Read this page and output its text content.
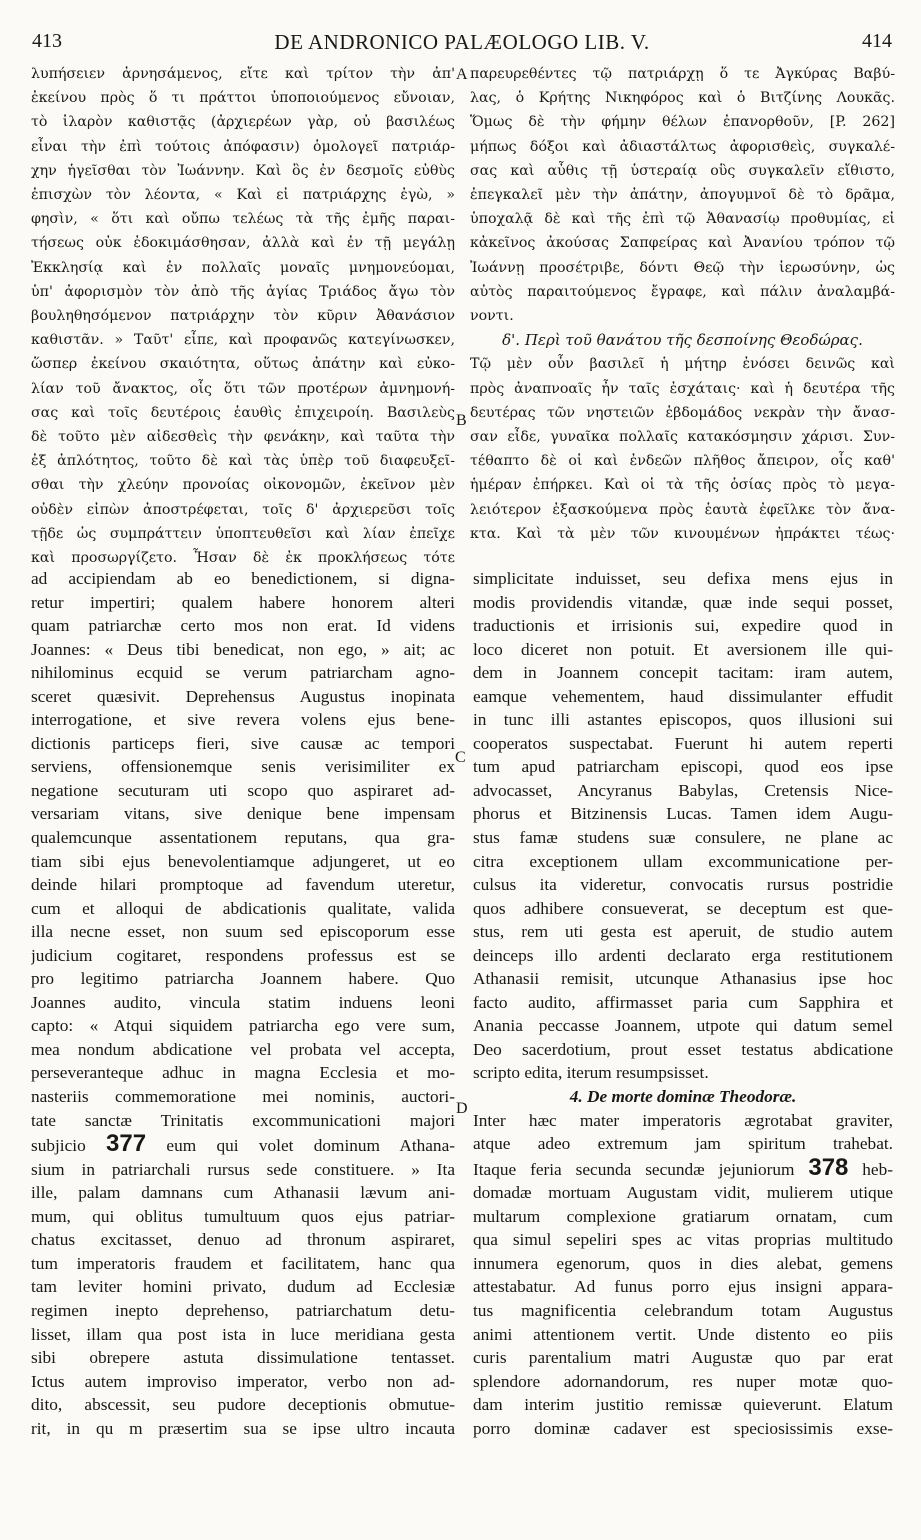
413	DE ANDRONICO PALÆOLOGO LIB. V.	414
λυπήσειεν ἀρνησάμενος, εἴτε καὶ τρίτον τὴν ἀπ'
ἐκείνου πρὸς ὅ τι πράττοι ὑποποιούμενος εὔνοιαν,
τὸ ἱλαρὸν καθιστᾷς (ἀρχιερέων γὰρ, οὐ βασιλέως
εἶναι τὴν ἐπὶ τούτοις ἀπόφασιν) ὁμολογεῖ πατριάρ-
χην ἡγεῖσθαι τὸν Ἰωάννην. Καὶ ὃς ἐν δεσμοῖς εὐθὺς
ἐπισχὼν τὸν λέοντα, « Καὶ εἰ πατριάρχης ἐγὼ, »
φησὶν, « ὅτι καὶ οὔπω τελέως τὰ τῆς ἐμῆς παραι-
τήσεως οὐκ ἐδοκιμάσθησαν, ἀλλὰ καὶ ἐν τῇ μεγάλῃ
Ἐκκλησίᾳ καὶ ἐν πολλαῖς μοναῖς μνημονεύομαι,
ὑπ' ἀφορισμὸν τὸν ἀπὸ τῆς ἁγίας Τριάδος ἄγω τὸν
βουληθησόμενον πατριάρχην τὸν κῦριν Ἀθανάσιον
καθιστᾶν. » Ταῦτ' εἶπε, καὶ προφανῶς κατεγίνωσκεν,
ὥσπερ ἐκείνου σκαιότητα, οὕτως ἀπάτην καὶ εὐκο-
λίαν τοῦ ἄνακτος, οἷς ὅτι τῶν προτέρων ἀμνημονή-
σας καὶ τοῖς δευτέροις ἑαυθὶς ἐπιχειροίη. Βασιλεὺς
δὲ τοῦτο μὲν αἰδεσθεὶς τὴν φενάκην, καὶ ταῦτα τὴν
ἐξ ἀπλότητος, τοῦτο δὲ καὶ τὰς ὑπὲρ τοῦ διαφευξεῖ-
σθαι τὴν χλεύην προνοίας οἰκονομῶν, ἐκεῖνον μὲν
οὐδὲν εἰπὼν ἀποστρέφεται, τοῖς δ' ἀρχιερεῦσι τοῖς
τῇδε ὡς συμπράττειν ὑποπτευθεῖσι καὶ λίαν ἐπεῖχε
καὶ προσωργίζετο. Ἦσαν δὲ ἐκ προκλήσεως τότε
παρευρεθέντες τῷ πατριάρχῃ ὅ τε Ἀγκύρας Βαβύ-
λας, ὁ Κρήτης Νικηφόρος καὶ ὁ Βιτζίνης Λουκᾶς.
Ὅμως δὲ τὴν φήμην θέλων ἐπανορθοῦν, [P. 262]
μήπως δόξοι καὶ ἀδιαστάλτως ἀφορισθεὶς, συγκαλέ-
σας καὶ αὖθις τῇ ὑστεραίᾳ οὓς συγκαλεῖν εἴθιστο,
ἐπεγκαλεῖ μὲν τὴν ἀπάτην, ἀπογυμνοῖ δὲ τὸ δρᾶμα,
ὑποχαλᾷ δὲ καὶ τῆς ἐπὶ τῷ Ἀθανασίῳ προθυμίας, εἰ
κἀκεῖνος ἀκούσας Σαπφείρας καὶ Ἀνανίου τρόπον τῷ
Ἰωάννῃ προσέτριβε, δόντι Θεῷ τὴν ἱερωσύνην, ὡς
αὐτὸς παραιτούμενος ἔγραφε, καὶ πάλιν ἀναλαμβά-
νοντι.
δ'. Περὶ τοῦ θανάτου τῆς δεσποίνης Θεοδώρας.
Τῷ μὲν οὖν βασιλεῖ ἡ μήτηρ ἐνόσει δεινῶς καὶ
πρὸς ἀναπνοαῖς ἦν ταῖς ἐσχάταις· καὶ ἡ δευτέρα τῆς
δευτέρας τῶν νηστειῶν ἑβδομάδος νεκρὰν τὴν ἄνασ-
σαν εἶδε, γυναῖκα πολλαῖς κατακόσμησιν χάρισι. Συν-
τέθαπτο δὲ οἱ καὶ ἐνδεῶν πλῆθος ἄπειρον, οἷς καθ'
ἡμέραν ἐπήρκει. Καὶ οἱ τὰ τῆς ὁσίας πρὸς τὸ μεγα-
λειότερον ἐξασκούμενα πρὸς ἑαυτὰ ἐφεῖλκε τὸν ἄνα-
κτα. Καὶ τὰ μὲν τῶν κινουμένων ἠπράκτει τέως·
ad accipiendam ab eo benedictionem, si digna-
retur impertiri; qualem habere honorem alteri
quam patriarchæ certo mos non erat. Id videns
Joannes: « Deus tibi benedicat, non ego, » ait; ac
nihilominus ecquid se verum patriarcham agno-
sceret quæsivit. Deprehensus Augustus inopinata
interrogatione, et sive revera volens ejus bene-
dictionis particeps fieri, sive causæ ac tempori
serviens, offensionemque senis verisimiliter ex
negatione secuturam uti scopo quo aspiraret ad-
versariam vitans, sive denique bene impensam
qualemcunque assentationem reputans, qua gra-
tiam sibi ejus benevolentiamque adjungeret, ut eo
deinde hilari promptoque ad favendum uteretur,
cum et alloqui de abdicationis qualitate, valida
illa necne esset, non suum sed episcoporum esse
judicium cogitaret, respondens professus est se
pro legitimo patriarcha Joannem habere. Quo
Joannes audito, vincula statim induens leoni
capto: « Atqui siquidem patriarcha ego vere sum,
mea nondum abdicatione vel probata vel accepta,
perseveranteque adhuc in magna Ecclesia et mo-
nasteriis commemoratione mei nominis, auctori-
tate sanctæ Trinitatis excommunicationi majori
subjicio 377 eum qui volet dominum Athana-
sium in patriarchali rursus sede constituere. » Ita
ille, palam damnans cum Athanasii lævum ani-
mum, qui oblitus tumultuum quos ejus patriar-
chatus excitasset, denuo ad thronum aspiraret,
tum imperatoris fraudem et facilitatem, hanc qua
tam leviter homini privato, dudum ad Ecclesiæ
regimen inepto deprehenso, patriarchatum detu-
lisset, illam qua post ista in luce meridiana gesta
sibi obrepere astuta dissimulatione tentasset.
Ictus autem improviso imperator, verbo non ad-
dito, abscessit, seu pudore deceptionis obmutue-
rit, in qu m præsertim sua se ipse ultro incauta
simplicitate induisset, seu defixa mens ejus in
modis providendis vitandæ, quæ inde sequi posset,
traductionis et irrisionis sui, expedire quod in
loco diceret non potuit. Et aversionem ille qui-
dem in Joannem concepit tacitam: iram autem,
eamque vehementem, haud dissimulanter effudit
in tunc illi astantes episcopos, quos illusioni sui
cooperatos suspectabat. Fuerunt hi autem reperti
tum apud patriarcham episcopi, quod eos ipse
advocasset, Ancyranus Babylas, Cretensis Nice-
phorus et Bitzinensis Lucas. Tamen idem Augu-
stus famæ studens suæ consulere, ne plane ac
citra exceptionem ullam excommunicatione per-
culsus ita videretur, convocatis rursus postridie
quos adhibere consueverat, se deceptum est que-
stus, rem uti gesta est aperuit, de studio autem
deinceps illo ardenti declarato erga restitutionem
Athanasii remisit, utcunque Athanasius ipse hoc
facto audito, affirmasset paria cum Sapphira et
Anania peccasse Joannem, utpote qui datum semel
Deo sacerdotium, prout esset testatus abdicatione
scripto edita, iterum resumpsisset.
4. De morte dominæ Theodoræ.
Inter hæc mater imperatoris ægrotabat graviter,
atque adeo extremum jam spiritum trahebat.
Itaque feria secunda secundæ jejuniorum 378 heb-
domadæ mortuam Augustam vidit, mulierem utique
multarum complexione gratiarum ornatam, cum
qua simul sepeliri spes ac vitas proprias multitudo
innumera egenorum, quos in dies alebat, gemens
attestabatur. Ad funus porro ejus insigni appara-
tus magnificentia celebrandum totam Augustus
animi attentionem vertit. Unde distento eo piis
curis parentalium matri Augustæ quo par erat
splendore adornandorum, res nuper motæ quo-
dam interim justitio remissæ quieverunt. Elatum
porro dominæ cadaver est speciosissimis exse-
A
B
C
D
